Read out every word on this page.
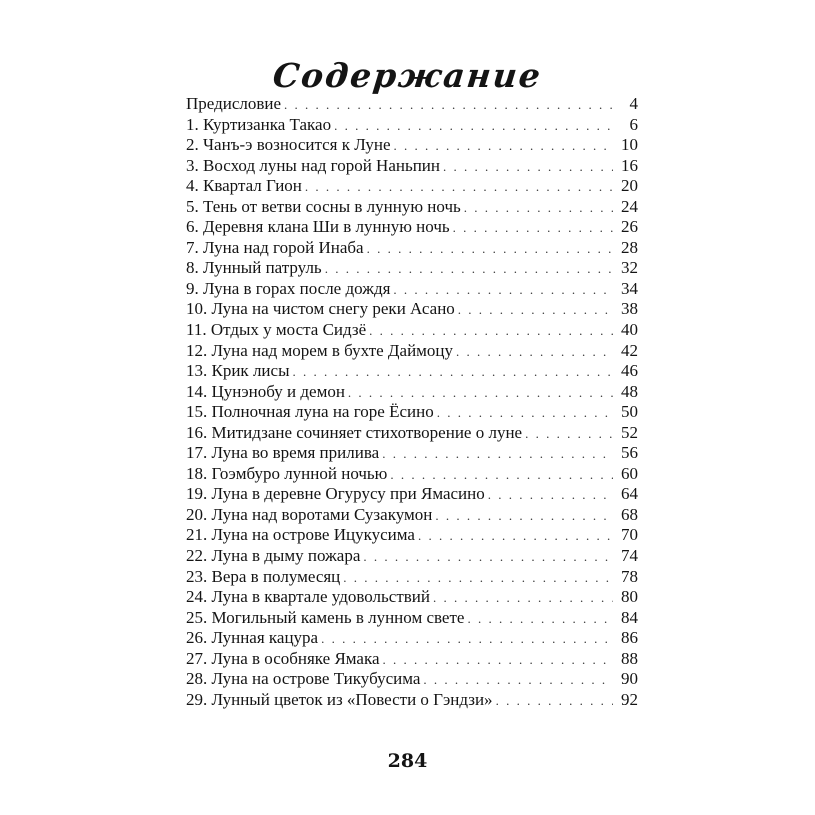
Содержание
Предисловие . . .	4
1. Куртизанка Такао . . .	6
2. Чанъ-э возносится к Луне . . .	10
3. Восход луны над горой Наньпин . . .	16
4. Квартал Гион . . .	20
5. Тень от ветви сосны в лунную ночь . . .	24
6. Деревня клана Ши в лунную ночь . . .	26
7. Луна над горой Инаба . . .	28
8. Лунный патруль . . .	32
9. Луна в горах после дождя . . .	34
10. Луна на чистом снегу реки Асано . . .	38
11. Отдых у моста Сидзё . . .	40
12. Луна над морем в бухте Даймоцу . . .	42
13. Крик лисы . . .	46
14. Цунэнобу и демон . . .	48
15. Полночная луна на горе Ёсино . . .	50
16. Митидзане сочиняет стихотворение о луне . . .	52
17. Луна во время прилива . . .	56
18. Гоэмбуро лунной ночью . . .	60
19. Луна в деревне Огурусу при Ямасино . . .	64
20. Луна над воротами Сузакумон . . .	68
21. Луна на острове Ицукусима . . .	70
22. Луна в дыму пожара . . .	74
23. Вера в полумесяц . . .	78
24. Луна в квартале удовольствий . . .	80
25. Могильный камень в лунном свете . . .	84
26. Лунная кацура . . .	86
27. Луна в особняке Ямака . . .	88
28. Луна на острове Тикубусима . . .	90
29. Лунный цветок из «Повести о Гэндзи» . . .	92
284
